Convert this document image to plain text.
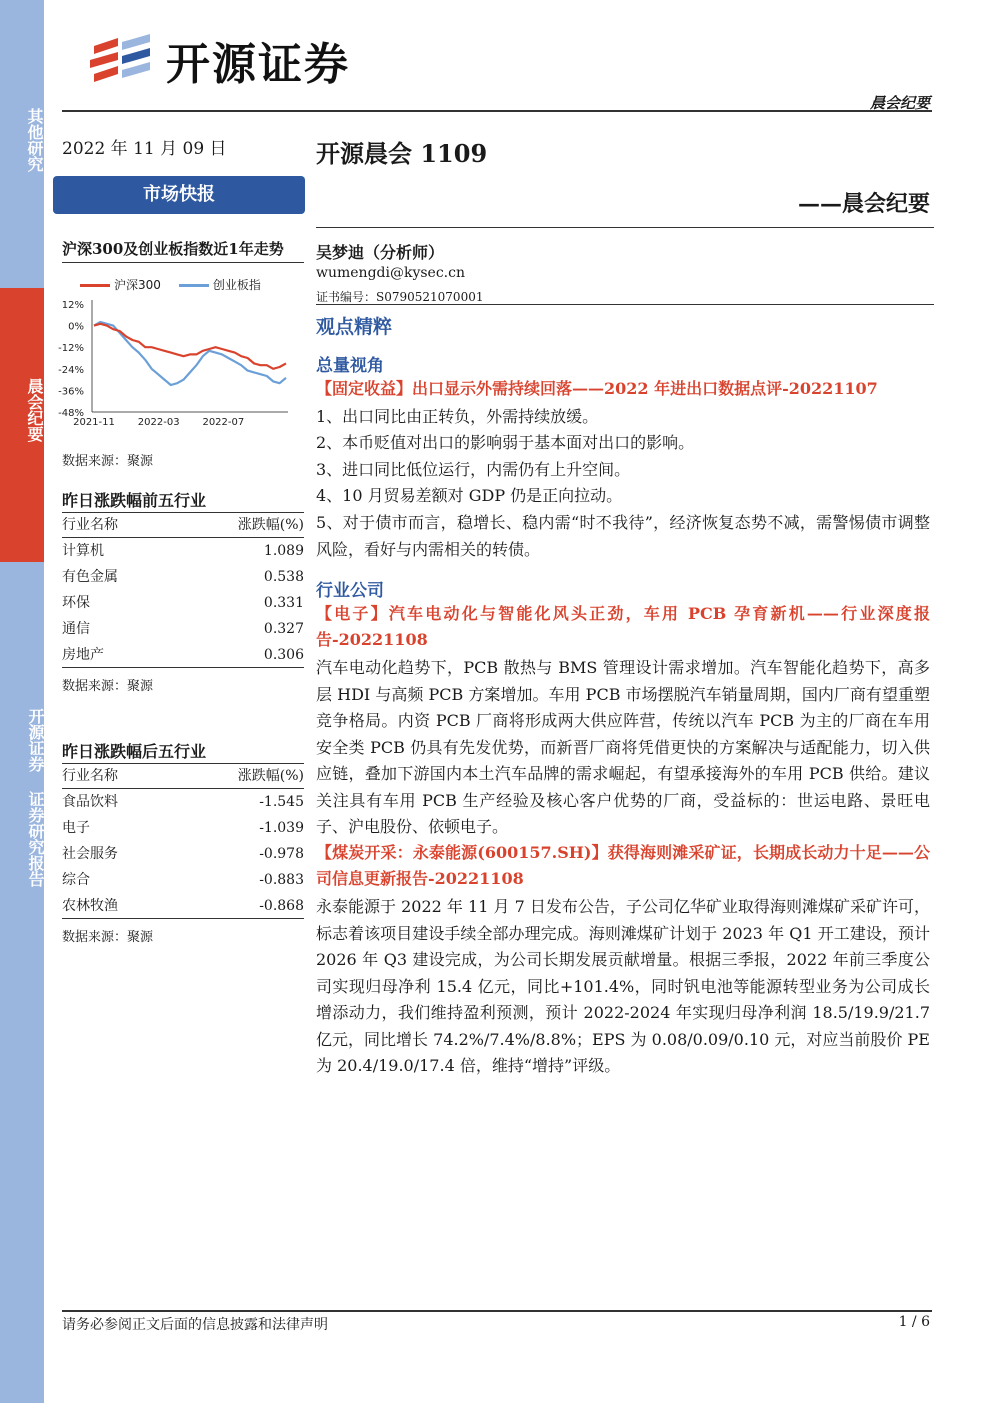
其他研究
晨会纪要
开源证券 证券研究报告
开源证券
晨会纪要
2022 年 11 月 09 日	开源晨会 1109
——晨会纪要
市场快报
沪深300及创业板指数近1年走势
沪深300	创业板指
12%
0%
-12%
-24%
-36%
-48%
2021-11 2022-03 2022-07
数据来源：聚源
昨日涨跌幅前五行业
行业名称	涨跌幅(%)
计算机	1.089
有色金属	0.538
环保	0.331
通信	0.327
房地产	0.306
数据来源：聚源
昨日涨跌幅后五行业
行业名称	涨跌幅(%)
食品饮料	-1.545
电子	-1.039
社会服务	-0.978
综合	-0.883
农林牧渔	-0.868
数据来源：聚源
吴梦迪（分析师）
wumengdi@kysec.cn
证书编号：S0790521070001
观点精粹
总量视角
【固定收益】出口显示外需持续回落——2022 年进出口数据点评-20221107
1、出口同比由正转负，外需持续放缓。
2、本币贬值对出口的影响弱于基本面对出口的影响。
3、进口同比低位运行，内需仍有上升空间。
4、10 月贸易差额对 GDP 仍是正向拉动。
5、对于债市而言，稳增长、稳内需“时不我待”，经济恢复态势不减，需警惕债市调整风险，看好与内需相关的转债。
行业公司
【电子】汽车电动化与智能化风头正劲，车用 PCB 孕育新机——行业深度报告-20221108
汽车电动化趋势下，PCB 散热与 BMS 管理设计需求增加。汽车智能化趋势下，高多层 HDI 与高频 PCB 方案增加。车用 PCB 市场摆脱汽车销量周期，国内厂商有望重塑竞争格局。内资 PCB 厂商将形成两大供应阵营，传统以汽车 PCB 为主的厂商在车用安全类 PCB 仍具有先发优势，而新晋厂商将凭借更快的方案解决与适配能力，切入供应链，叠加下游国内本土汽车品牌的需求崛起，有望承接海外的车用 PCB 供给。建议关注具有车用 PCB 生产经验及核心客户优势的厂商，受益标的：世运电路、景旺电子、沪电股份、依顿电子。
【煤炭开采：永泰能源(600157.SH)】获得海则滩采矿证，长期成长动力十足——公司信息更新报告-20221108
永泰能源于 2022 年 11 月 7 日发布公告，子公司亿华矿业取得海则滩煤矿采矿许可，标志着该项目建设手续全部办理完成。海则滩煤矿计划于 2023 年 Q1 开工建设，预计 2026 年 Q3 建设完成，为公司长期发展贡献增量。根据三季报，2022 年前三季度公司实现归母净利 15.4 亿元，同比+101.4%，同时钒电池等能源转型业务为公司成长增添动力，我们维持盈利预测，预计 2022-2024 年实现归母净利润 18.5/19.9/21.7 亿元，同比增长 74.2%/7.4%/8.8%；EPS 为 0.08/0.09/0.10 元，对应当前股价 PE 为 20.4/19.0/17.4 倍，维持“增持”评级。
请务必参阅正文后面的信息披露和法律声明	1 / 6
